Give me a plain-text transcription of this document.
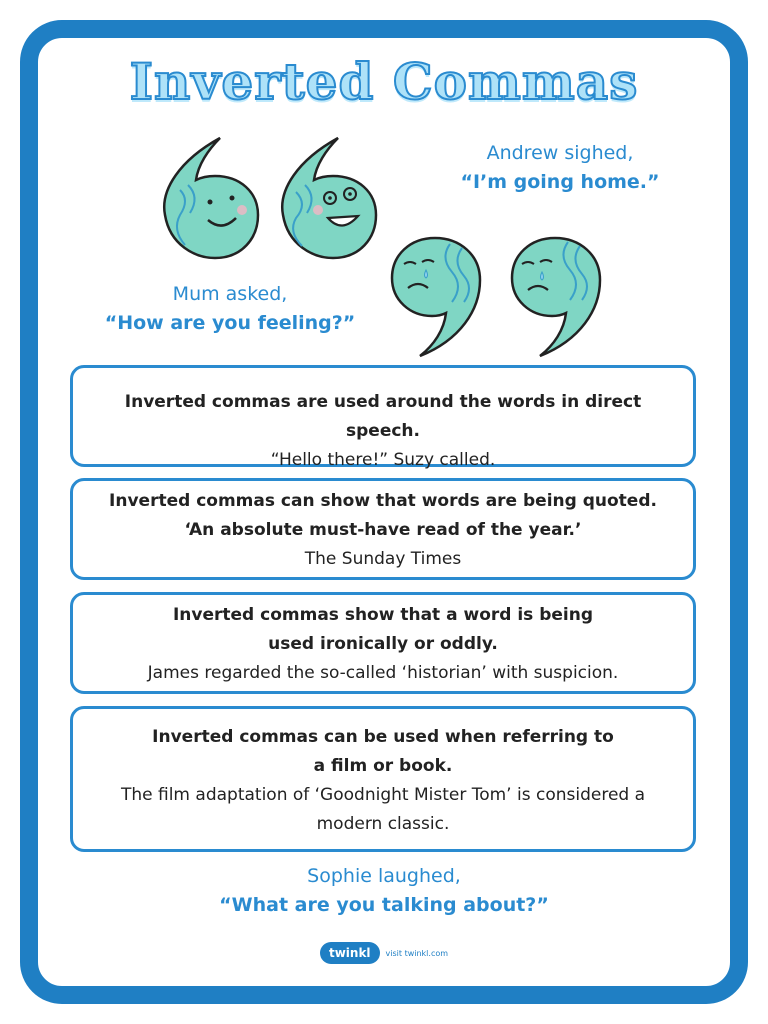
Inverted Commas
Andrew sighed,
“I’m going home.”
Mum asked,
“How are you feeling?”
Inverted commas are used around the words in direct speech.
“Hello there!” Suzy called.
Inverted commas can show that words are being quoted.
‘An absolute must-have read of the year.’
The Sunday Times
Inverted commas show that a word is being
used ironically or oddly.
James regarded the so-called ‘historian’ with suspicion.
Inverted commas can be used when referring to
a film or book.
The film adaptation of ‘Goodnight Mister Tom’ is considered a modern classic.
Sophie laughed,
“What are you talking about?”
twinkl	visit twinkl.com
